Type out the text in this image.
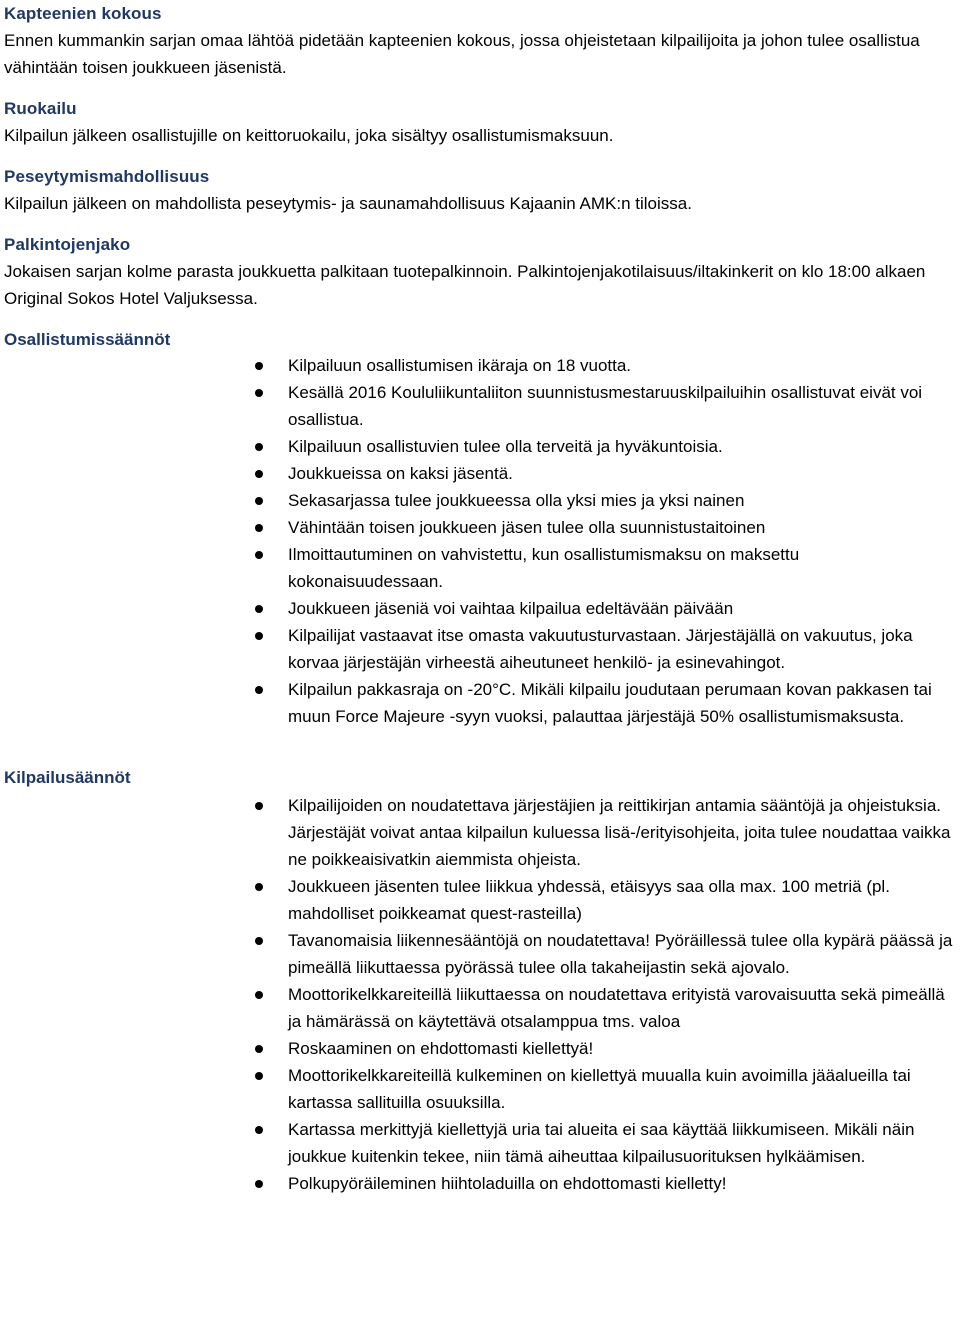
Kapteenien kokous
Ennen kummankin sarjan omaa lähtöä pidetään kapteenien kokous, jossa ohjeistetaan kilpailijoita ja johon tulee osallistua vähintään toisen joukkueen jäsenistä.
Ruokailu
Kilpailun jälkeen osallistujille on keittoruokailu, joka sisältyy osallistumismaksuun.
Peseytymismahdollisuus
Kilpailun jälkeen on mahdollista peseytymis- ja saunamahdollisuus Kajaanin AMK:n tiloissa.
Palkintojenjako
Jokaisen sarjan kolme parasta joukkuetta palkitaan tuotepalkinnoin. Palkintojenjakotilaisuus/iltakinkerit on klo 18:00 alkaen Original Sokos Hotel Valjuksessa.
Osallistumissäännöt
Kilpailuun osallistumisen ikäraja on 18 vuotta.
Kesällä 2016 Koululiikuntaliiton suunnistusmestaruuskilpailuihin osallistuvat eivät voi osallistua.
Kilpailuun osallistuvien tulee olla terveitä ja hyväkuntoisia.
Joukkueissa on kaksi jäsentä.
Sekasarjassa tulee joukkueessa olla yksi mies ja yksi nainen
Vähintään toisen joukkueen jäsen tulee olla suunnistustaitoinen
Ilmoittautuminen on vahvistettu, kun osallistumismaksu on maksettu kokonaisuudessaan.
Joukkueen jäseniä voi vaihtaa kilpailua edeltävään päivään
Kilpailijat vastaavat itse omasta vakuutusturvastaan. Järjestäjällä on vakuutus, joka korvaa järjestäjän virheestä aiheutuneet henkilö- ja esinevahingot.
Kilpailun pakkasraja on -20°C. Mikäli kilpailu joudutaan perumaan kovan pakkasen tai muun Force Majeure -syyn vuoksi, palauttaa järjestäjä 50% osallistumismaksusta.
Kilpailusäännöt
Kilpailijoiden on noudatettava järjestäjien ja reittikirjan antamia sääntöjä ja ohjeistuksia. Järjestäjät voivat antaa kilpailun kuluessa lisä-/erityisohjeita, joita tulee noudattaa vaikka ne poikkeaisivatkin aiemmista ohjeista.
Joukkueen jäsenten tulee liikkua yhdessä, etäisyys saa olla max. 100 metriä (pl. mahdolliset poikkeamat quest-rasteilla)
Tavanomaisia liikennesääntöjä on noudatettava! Pyöräillessä tulee olla kypärä päässä ja pimeällä liikuttaessa pyörässä tulee olla takaheijastin sekä ajovalo.
Moottorikelkkareiteillä liikuttaessa on noudatettava erityistä varovaisuutta sekä pimeällä ja hämärässä on käytettävä otsalamppua tms. valoa
Roskaaminen on ehdottomasti kiellettyä!
Moottorikelkkareiteillä kulkeminen on kiellettyä muualla kuin avoimilla jääalueilla tai kartassa sallituilla osuuksilla.
Kartassa merkittyjä kiellettyjä uria tai alueita ei saa käyttää liikkumiseen. Mikäli näin joukkue kuitenkin tekee, niin tämä aiheuttaa kilpailusuorituksen hylkäämisen.
Polkupyöräileminen hiihtoladuilla on ehdottomasti kielletty!
